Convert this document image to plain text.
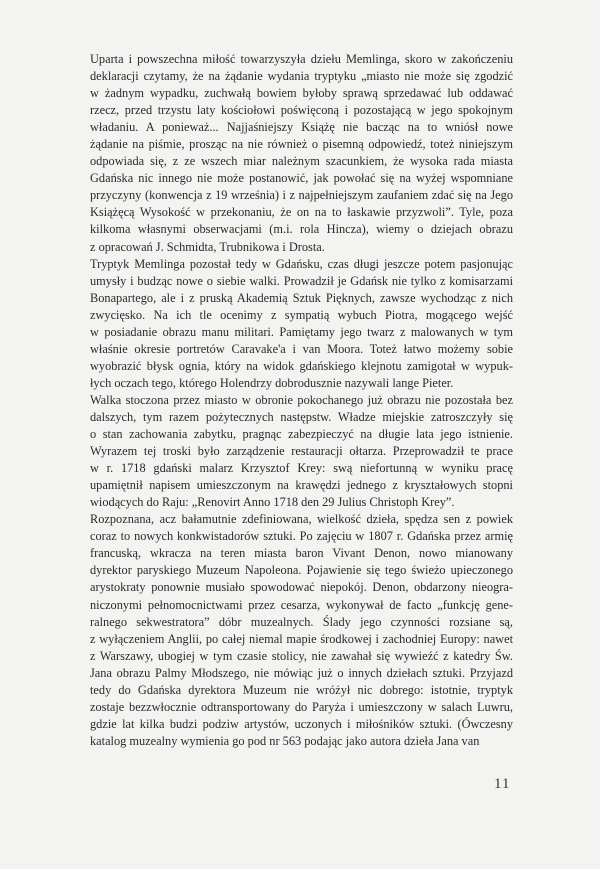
Uparta i powszechna miłość towarzyszyła dziełu Memlinga, skoro w zakończeniu
deklaracji czytamy, że na żądanie wydania tryptyku „miasto nie może się zgodzić
w żadnym wypadku, zuchwałą bowiem byłoby sprawą sprzedawać lub oddawać
rzecz, przed trzystu laty kościołowi poświęconą i pozostającą w jego spokojnym
władaniu. A ponieważ... Najjaśniejszy Książę nie bacząc na to wniósł nowe
żądanie na piśmie, prosząc na nie również o pisemną odpowiedź, toteż niniejszym
odpowiada się, z ze wszech miar należnym szacunkiem, że wysoka rada miasta
Gdańska nic innego nie może postanowić, jak powołać się na wyżej wspomniane
przyczyny (konwencja z 19 września) i z najpełniejszym zaufaniem zdać się na Jego
Książęcą Wysokość w przekonaniu, że on na to łaskawie przyzwoli”. Tyle, poza
kilkoma własnymi obserwacjami (m.i. rola Hincza), wiemy o dziejach obrazu
z opracowań J. Schmidta, Trubnikowa i Drosta.
Tryptyk Memlinga pozostał tedy w Gdańsku, czas długi jeszcze potem pasjonując
umysły i budząc nowe o siebie walki. Prowadził je Gdańsk nie tylko z komisarzami
Bonapartego, ale i z pruską Akademią Sztuk Pięknych, zawsze wychodząc z nich
zwycięsko. Na ich tle ocenimy z sympatią wybuch Piotra, mogącego wejść
w posiadanie obrazu manu militari. Pamiętamy jego twarz z malowanych w tym
właśnie okresie portretów Caravake'a i van Moora. Toteż łatwo możemy sobie
wyobrazić błysk ognia, który na widok gdańskiego klejnotu zamigotał w wypuk-
łych oczach tego, którego Holendrzy dobrodusznie nazywali lange Pieter.
Walka stoczona przez miasto w obronie pokochanego już obrazu nie pozostała bez
dalszych, tym razem pożytecznych następstw. Władze miejskie zatroszczyły się
o stan zachowania zabytku, pragnąc zabezpieczyć na długie lata jego istnienie.
Wyrazem tej troski było zarządzenie restauracji ołtarza. Przeprowadził te prace
w r. 1718 gdański malarz Krzysztof Krey: swą niefortunną w wyniku pracę
upamiętnił napisem umieszczonym na krawędzi jednego z kryształowych stopni
wiodących do Raju: „Renovirt Anno 1718 den 29 Julius Christoph Krey”.
Rozpoznana, acz bałamutnie zdefiniowana, wielkość dzieła, spędza sen z powiek
coraz to nowych konkwistadorów sztuki. Po zajęciu w 1807 r. Gdańska przez armię
francuską, wkracza na teren miasta baron Vivant Denon, nowo mianowany
dyrektor paryskiego Muzeum Napoleona. Pojawienie się tego świeżo upieczonego
arystokraty ponownie musiało spowodować niepokój. Denon, obdarzony nieogra-
niczonymi pełnomocnictwami przez cesarza, wykonywał de facto „funkcję gene-
ralnego sekwestratora” dóbr muzealnych. Ślady jego czynności rozsiane są,
z wyłączeniem Anglii, po całej niemal mapie środkowej i zachodniej Europy: nawet
z Warszawy, ubogiej w tym czasie stolicy, nie zawahał się wywieźć z katedry Św.
Jana obrazu Palmy Młodszego, nie mówiąc już o innych dziełach sztuki. Przyjazd
tedy do Gdańska dyrektora Muzeum nie wróżył nic dobrego: istotnie, tryptyk
zostaje bezzwłocznie odtransportowany do Paryża i umieszczony w salach Luwru,
gdzie lat kilka budzi podziw artystów, uczonych i miłośników sztuki. (Ówczesny
katalog muzealny wymienia go pod nr 563 podając jako autora dzieła Jana van
11
